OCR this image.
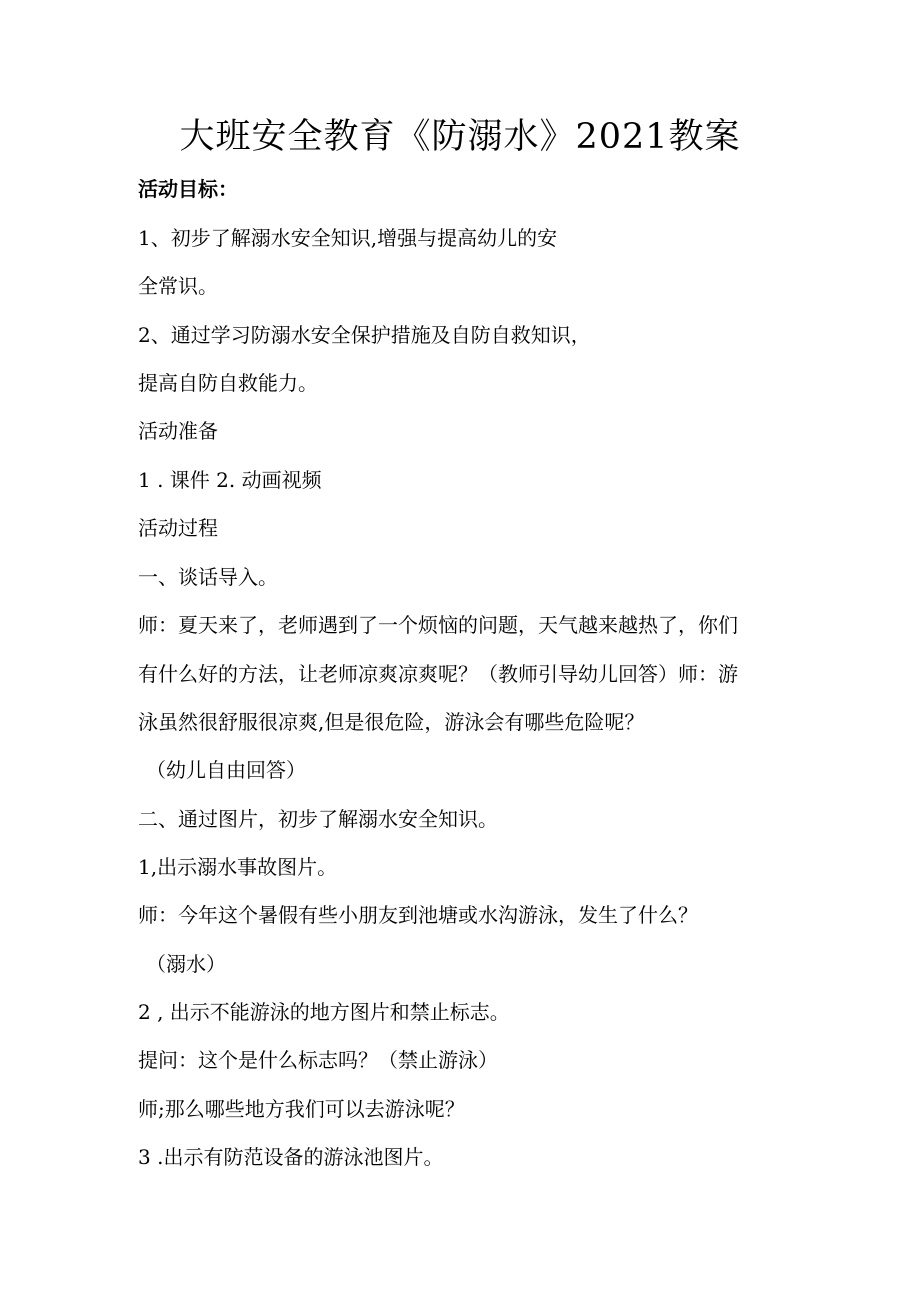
大班安全教育《防溺水》2021教案
活动目标：
1、初步了解溺水安全知识,增强与提高幼儿的安
全常识。
2、通过学习防溺水安全保护措施及自防自救知识，
提高自防自救能力。
活动准备
1 . 课件 2. 动画视频
活动过程
一、谈话导入。
师：夏天来了，老师遇到了一个烦恼的问题，天气越来越热了，你们
有什么好的方法，让老师凉爽凉爽呢？（教师引导幼儿回答）师：游
泳虽然很舒服很凉爽,但是很危险，游泳会有哪些危险呢？
（幼儿自由回答）
二、通过图片，初步了解溺水安全知识。
1,出示溺水事故图片。
师：今年这个暑假有些小朋友到池塘或水沟游泳，发生了什么？
（溺水）
2 , 出示不能游泳的地方图片和禁止标志。
提问：这个是什么标志吗？（禁止游泳）
师;那么哪些地方我们可以去游泳呢？
3 .出示有防范设备的游泳池图片。
